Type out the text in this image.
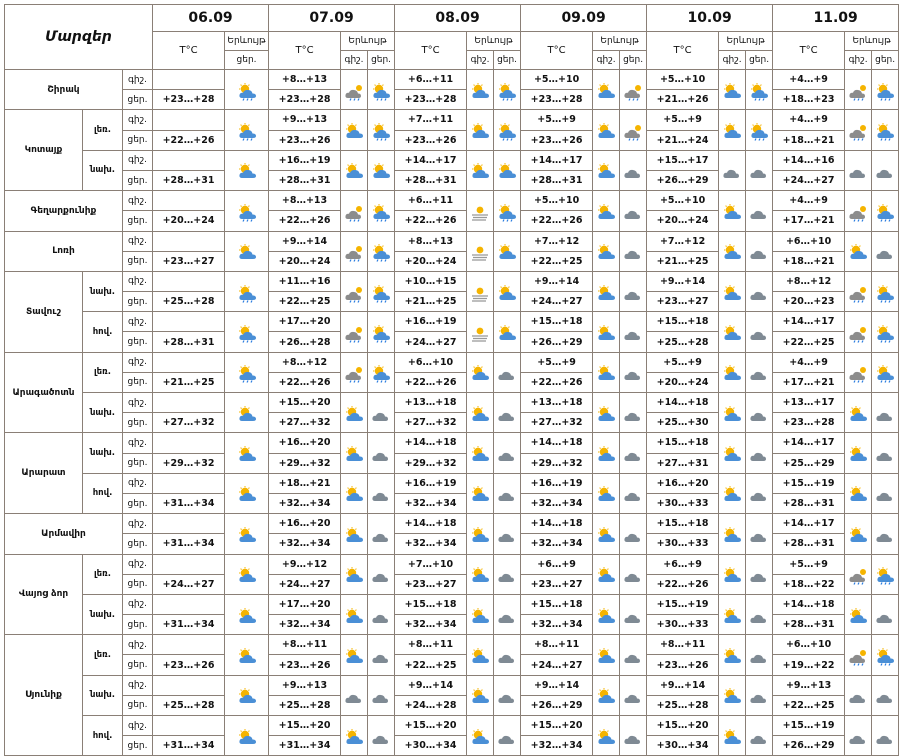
Մարզեր			06.09		07.09			08.09			09.09			10.09			11.09		
			T°C	Երևույթ	T°C	Երևույթ		T°C	Երևույթ		T°C	Երևույթ		T°C	Երևույթ		T°C	Երևույթ	
				ցեր.		գիշ.	ցեր.		գիշ.	ցեր.		գիշ.	ցեր.		գիշ.	ցեր.		գիշ.	ցեր.
Շիրակ		գիշ.			+8…+13			+6…+11			+5…+10			+5…+10			+4…+9	

		ցեր.	+23…+28		+23…+28			+23…+28			+23…+28			+21…+26			+18…+23		
Կոտայք	լեռ.	գիշ.			+9…+13			+7…+11			+5…+9			+5…+9			+4…+9	

		ցեր.	+22…+26		+23…+26			+23…+26			+23…+26			+21…+24			+18…+21		
	նախ.	գիշ.			+16…+19			+14…+17			+14…+17			+15…+17			+14…+16	

		ցեր.	+28…+31		+28…+31			+28…+31			+28…+31			+26…+29			+24…+27		
Գեղարքունիք		գիշ.			+8…+13			+6…+11			+5…+10			+5…+10			+4…+9	

		ցեր.	+20…+24		+22…+26			+22…+26			+22…+26			+20…+24			+17…+21		
Լոռի		գիշ.			+9…+14			+8…+13			+7…+12			+7…+12			+6…+10	

		ցեր.	+23…+27		+20…+24			+20…+24			+22…+25			+21…+25			+18…+21		
Տավուշ	նախ.	գիշ.			+11…+16			+10…+15			+9…+14			+9…+14			+8…+12	

		ցեր.	+25…+28		+22…+25			+21…+25			+24…+27			+23…+27			+20…+23		
	հով.	գիշ.			+17…+20			+16…+19			+15…+18			+15…+18			+14…+17	

		ցեր.	+28…+31		+26…+28			+24…+27			+26…+29			+25…+28			+22…+25		
Արագածոտն	լեռ.	գիշ.			+8…+12			+6…+10			+5…+9			+5…+9			+4…+9	

		ցեր.	+21…+25		+22…+26			+22…+26			+22…+26			+20…+24			+17…+21		
	նախ.	գիշ.			+15…+20			+13…+18			+13…+18			+14…+18			+13…+17	

		ցեր.	+27…+32		+27…+32			+27…+32			+27…+32			+25…+30			+23…+28		
Արարատ	նախ.	գիշ.			+16…+20			+14…+18			+14…+18			+15…+18			+14…+17	

		ցեր.	+29…+32		+29…+32			+29…+32			+29…+32			+27…+31			+25…+29		
	հով.	գիշ.			+18…+21			+16…+19			+16…+19			+16…+20			+15…+19	

		ցեր.	+31…+34		+32…+34			+32…+34			+32…+34			+30…+33			+28…+31		
Արմավիր		գիշ.			+16…+20			+14…+18			+14…+18			+15…+18			+14…+17	

		ցեր.	+31…+34		+32…+34			+32…+34			+32…+34			+30…+33			+28…+31		
Վայոց ձոր	լեռ.	գիշ.			+9…+12			+7…+10			+6…+9			+6…+9			+5…+9	

		ցեր.	+24…+27		+24…+27			+23…+27			+23…+27			+22…+26			+18…+22		
	նախ.	գիշ.			+17…+20			+15…+18			+15…+18			+15…+19			+14…+18	

		ցեր.	+31…+34		+32…+34			+32…+34			+32…+34			+30…+33			+28…+31		
Սյունիք	լեռ.	գիշ.			+8…+11			+8…+11			+8…+11			+8…+11			+6…+10	

		ցեր.	+23…+26		+23…+26			+22…+25			+24…+27			+23…+26			+19…+22		
	նախ.	գիշ.			+9…+13			+9…+14			+9…+14			+9…+14			+9…+13	

		ցեր.	+25…+28		+25…+28			+24…+28			+26…+29			+25…+28			+22…+25		
	հով.	գիշ.			+15…+20			+15…+20			+15…+20			+15…+20			+15…+19	

		ցեր.	+31…+34		+31…+34			+30…+34			+32…+34			+30…+34			+26…+29		
